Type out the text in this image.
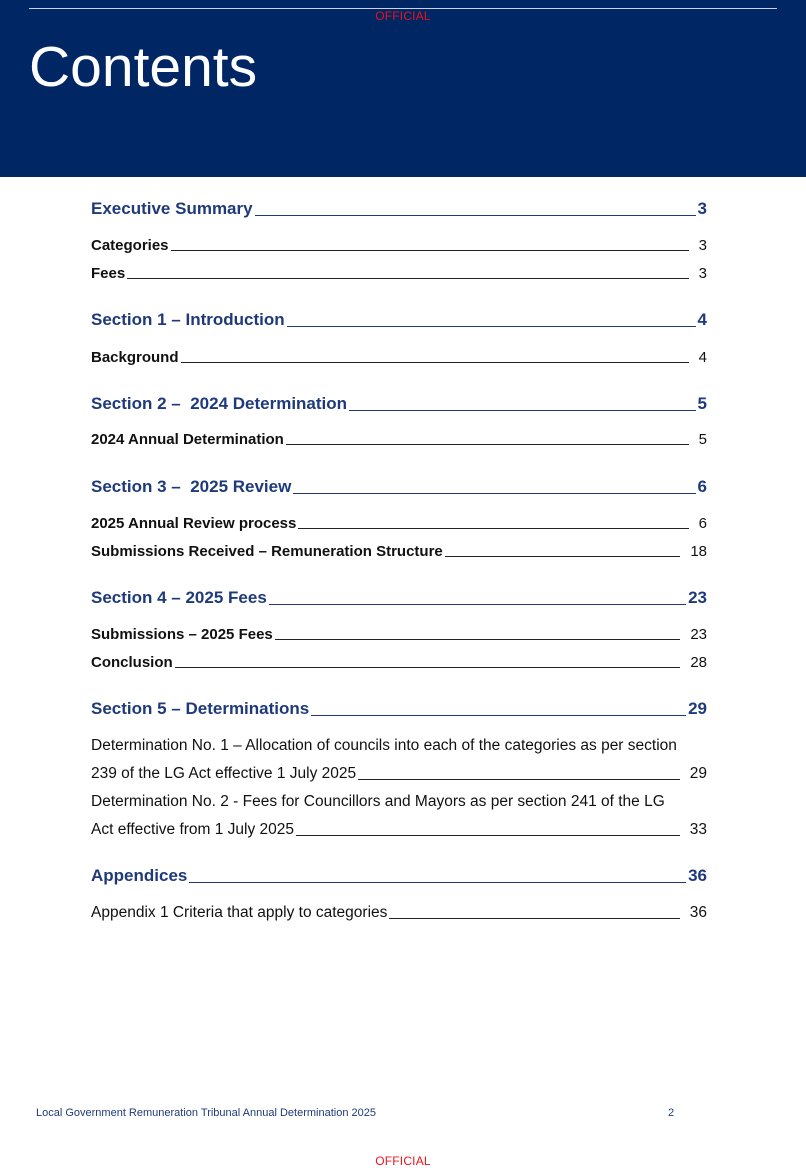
OFFICIAL
Contents
Executive Summary	3
Categories	3
Fees	3
Section 1 – Introduction	4
Background	4
Section 2 –  2024 Determination	5
2024 Annual Determination	5
Section 3 –  2025 Review	6
2025 Annual Review process	6
Submissions Received – Remuneration Structure	18
Section 4 – 2025 Fees	23
Submissions – 2025 Fees	23
Conclusion	28
Section 5 – Determinations	29
Determination No. 1 – Allocation of councils into each of the categories as per section
239 of the LG Act effective 1 July 2025	29
Determination No. 2 - Fees for Councillors and Mayors as per section 241 of the LG
Act effective from 1 July 2025	33
Appendices	36
Appendix 1 Criteria that apply to categories	36
Local Government Remuneration Tribunal Annual Determination 2025	2
OFFICIAL
